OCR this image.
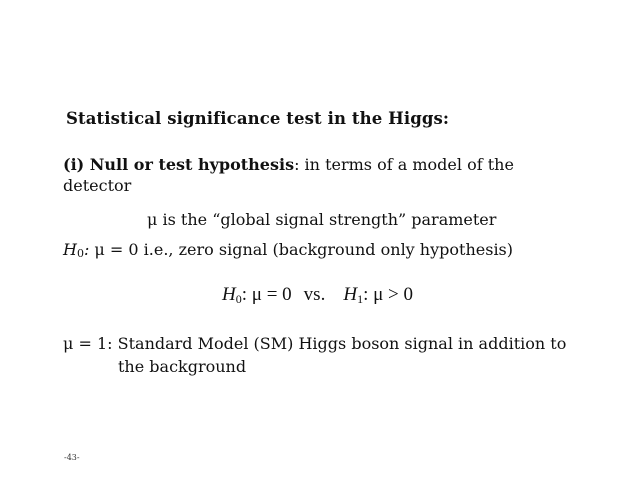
Statistical significance test in the Higgs:
(i) Null or test hypothesis: in terms of a model of the
detector
μ is the “global signal strength” parameter
$H_0$: μ = 0 i.e., zero signal (background only hypothesis)
$H_0$: μ = 0 vs. $H_1$: μ > 0
μ = 1: Standard Model (SM) Higgs boson signal in addition to
the background
-43-
